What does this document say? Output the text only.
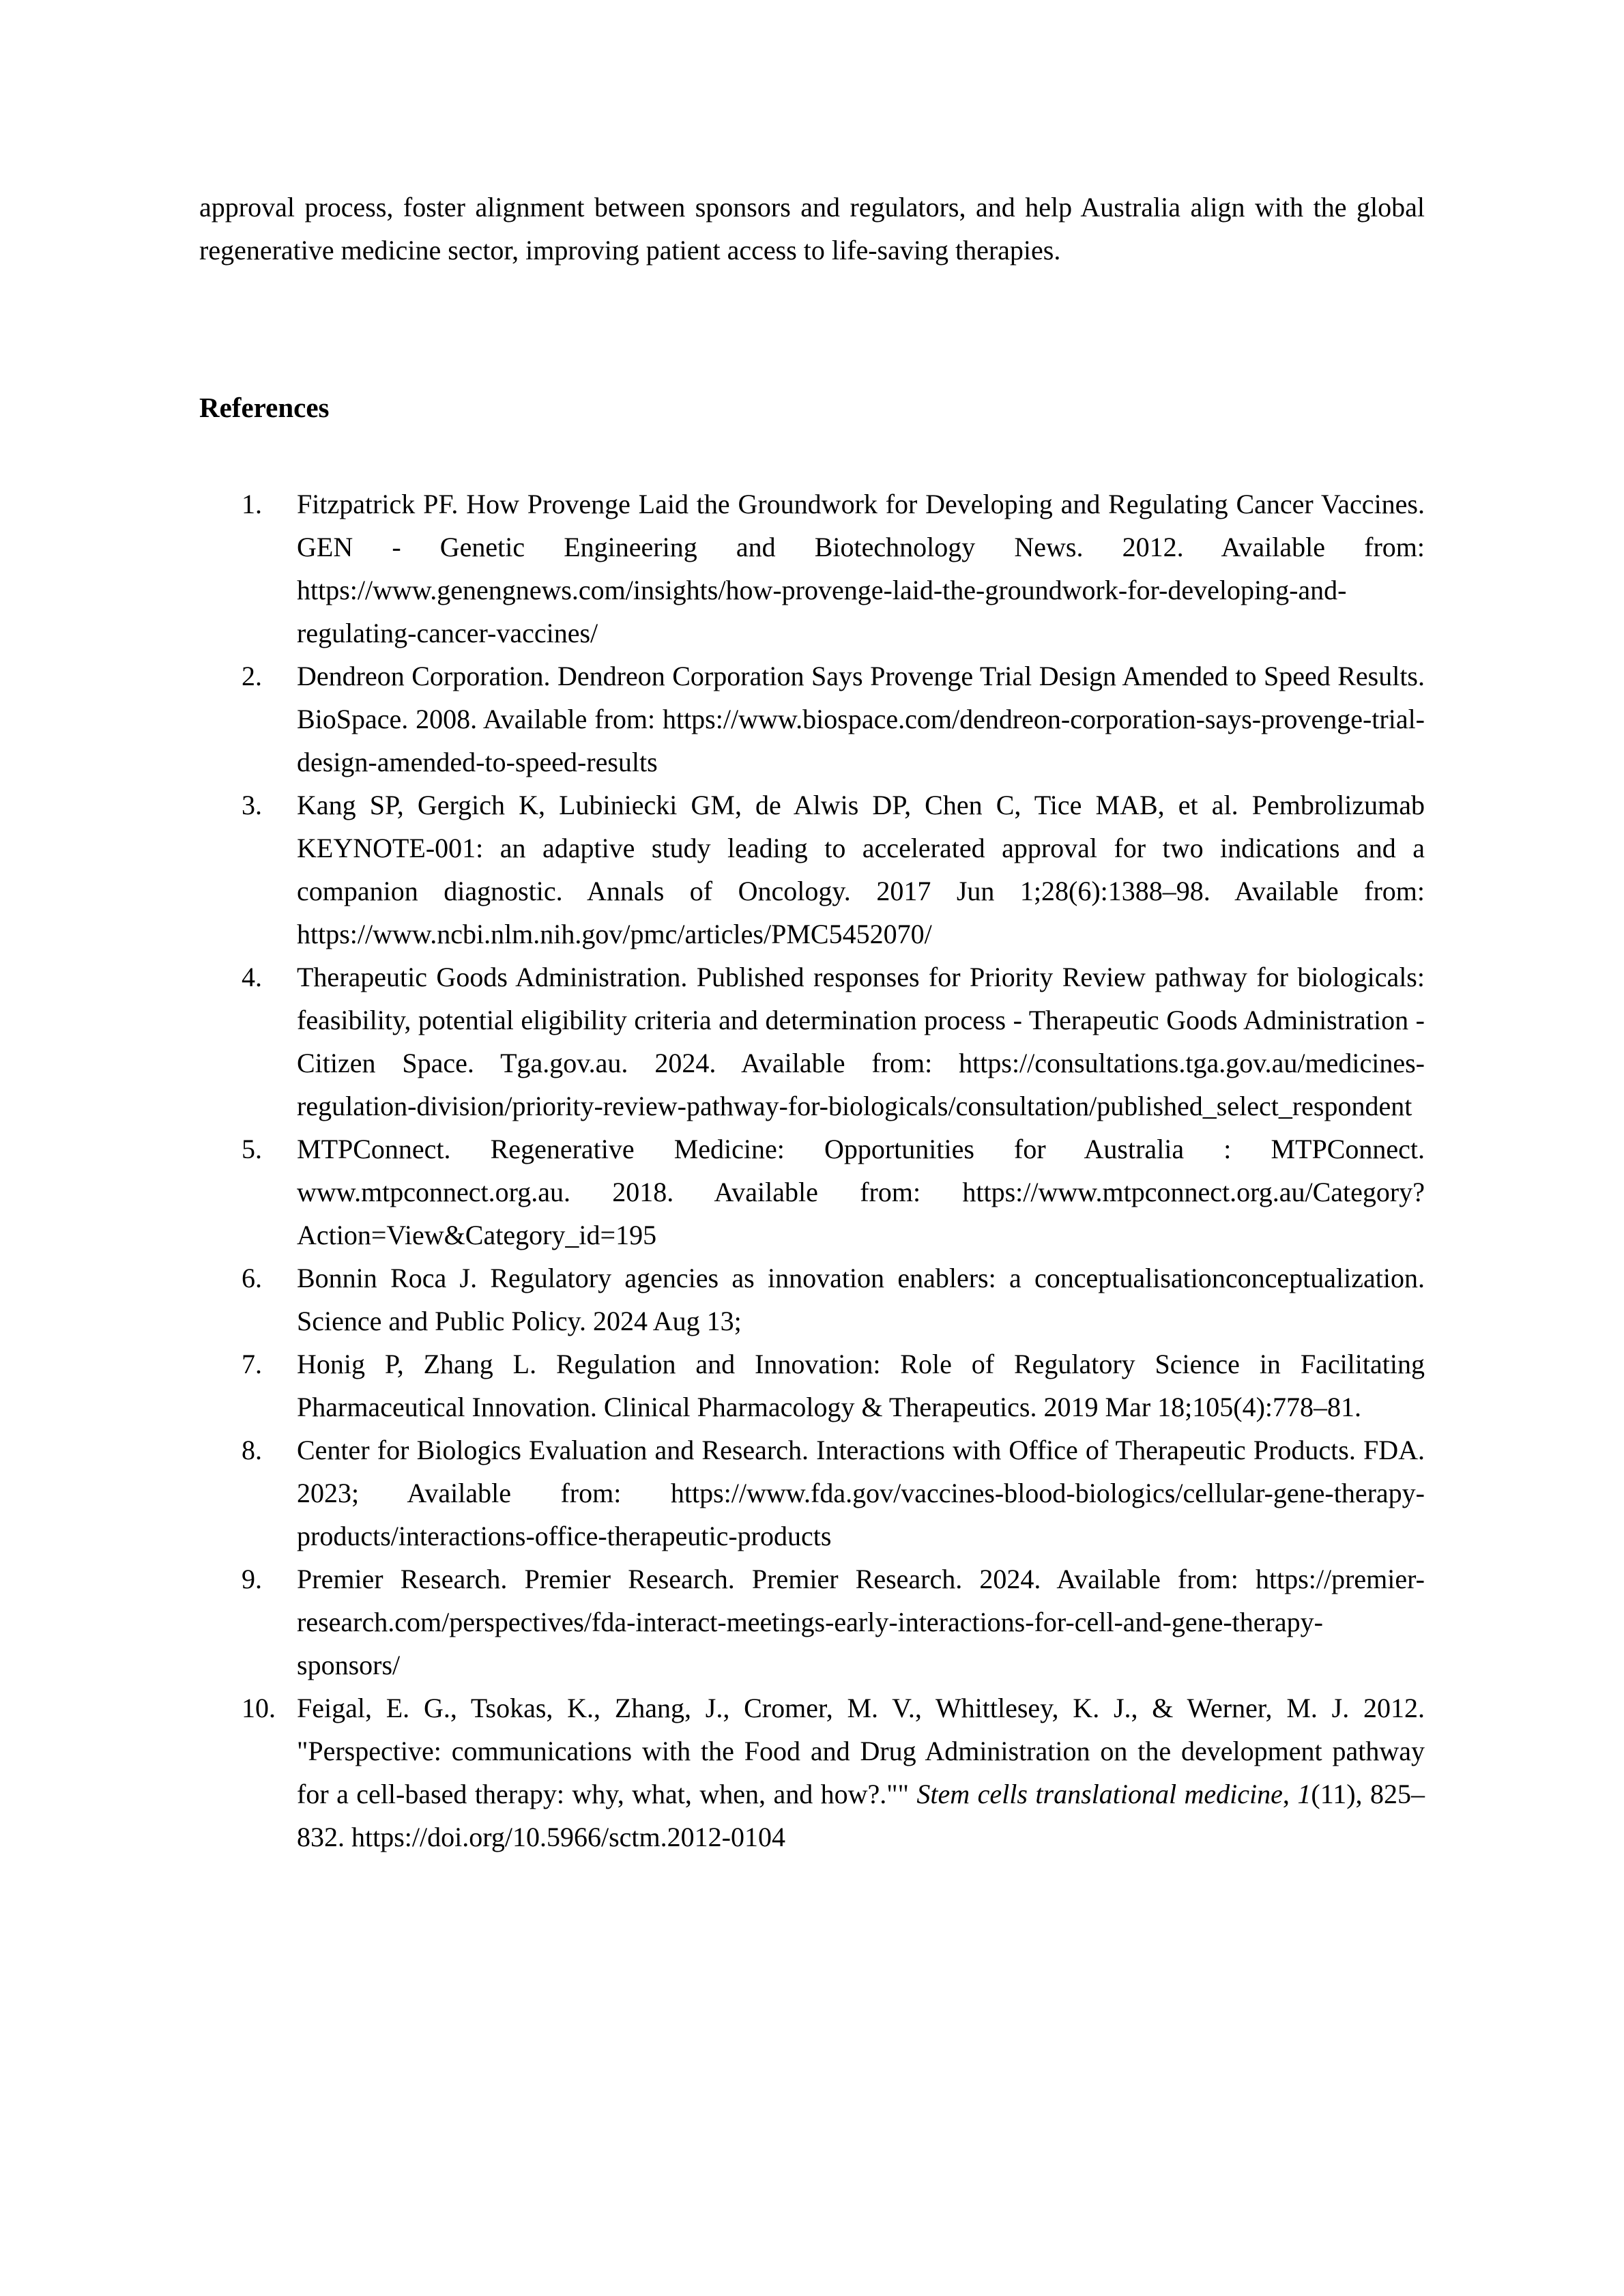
approval process, foster alignment between sponsors and regulators, and help Australia align with the global regenerative medicine sector, improving patient access to life-saving therapies.

References
1.	Fitzpatrick PF. How Provenge Laid the Groundwork for Developing and Regulating Cancer Vaccines. GEN - Genetic Engineering and Biotechnology News. 2012. Available from: https://www.genengnews.com/insights/how-provenge-laid-the-groundwork-for-developing-and-regulating-cancer-vaccines/
2.	Dendreon Corporation. Dendreon Corporation Says Provenge Trial Design Amended to Speed Results. BioSpace. 2008. Available from: https://www.biospace.com/dendreon-corporation-says-provenge-trial-design-amended-to-speed-results
3.	Kang SP, Gergich K, Lubiniecki GM, de Alwis DP, Chen C, Tice MAB, et al. Pembrolizumab KEYNOTE-001: an adaptive study leading to accelerated approval for two indications and a companion diagnostic. Annals of Oncology. 2017 Jun 1;28(6):1388–98. Available from: https://www.ncbi.nlm.nih.gov/pmc/articles/PMC5452070/
4.	Therapeutic Goods Administration. Published responses for Priority Review pathway for biologicals: feasibility, potential eligibility criteria and determination process - Therapeutic Goods Administration - Citizen Space. Tga.gov.au. 2024. Available from: https://consultations.tga.gov.au/medicines-regulation-division/priority-review-pathway-for-biologicals/consultation/published_select_respondent
5.	MTPConnect. Regenerative Medicine: Opportunities for Australia : MTPConnect. www.mtpconnect.org.au. 2018. Available from: https://www.mtpconnect.org.au/Category?Action=View&Category_id=195
6.	Bonnin Roca J. Regulatory agencies as innovation enablers: a conceptualisationconceptualization. Science and Public Policy. 2024 Aug 13;
7.	Honig P, Zhang L. Regulation and Innovation: Role of Regulatory Science in Facilitating Pharmaceutical Innovation. Clinical Pharmacology & Therapeutics. 2019 Mar 18;105(4):778–81.
8.	Center for Biologics Evaluation and Research. Interactions with Office of Therapeutic Products. FDA. 2023; Available from: https://www.fda.gov/vaccines-blood-biologics/cellular-gene-therapy-products/interactions-office-therapeutic-products
9.	Premier Research. Premier Research. Premier Research. 2024. Available from: https://premier-research.com/perspectives/fda-interact-meetings-early-interactions-for-cell-and-gene-therapy-sponsors/
10. Feigal, E. G., Tsokas, K., Zhang, J., Cromer, M. V., Whittlesey, K. J., & Werner, M. J. 2012. "Perspective: communications with the Food and Drug Administration on the development pathway for a cell-based therapy: why, what, when, and how?."" Stem cells translational medicine, 1(11), 825–832. https://doi.org/10.5966/sctm.2012-0104
